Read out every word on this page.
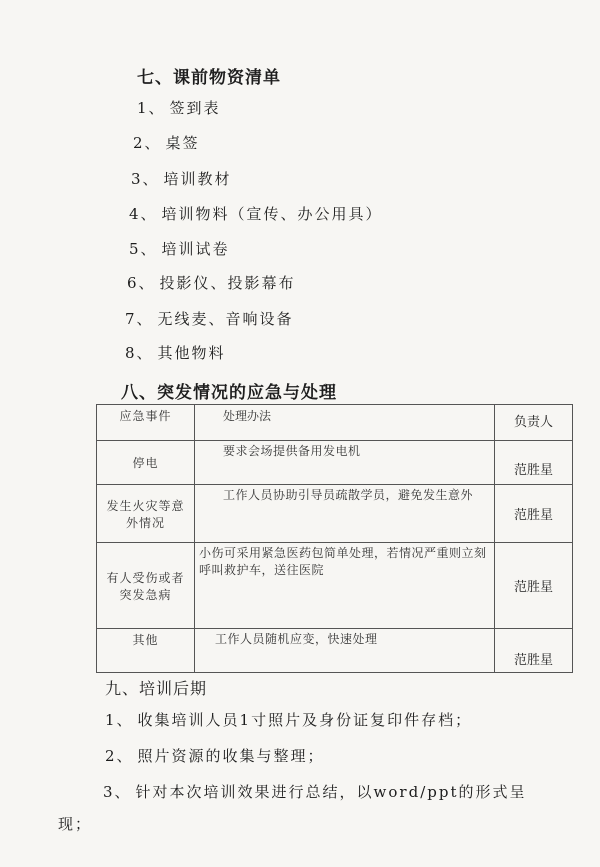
七、课前物资清单
1、 签到表
2、 桌签
3、 培训教材
4、 培训物料（宣传、办公用具）
5、 培训试卷
6、 投影仪、投影幕布
7、 无线麦、音响设备
8、 其他物料
八、突发情况的应急与处理
应急事件	处理办法	负责人
停电	要求会场提供备用发电机	范胜星
发生火灾等意外情况	工作人员协助引导员疏散学员，避免发生意外	范胜星
有人受伤或者突发急病	小伤可采用紧急医药包简单处理，若情况严重则立刻呼叫救护车，送往医院	范胜星
其他	工作人员随机应变，快速处理	范胜星
九、培训后期
1、 收集培训人员1寸照片及身份证复印件存档；
2、 照片资源的收集与整理；
3、 针对本次培训效果进行总结，以word/ppt的形式呈
现；
